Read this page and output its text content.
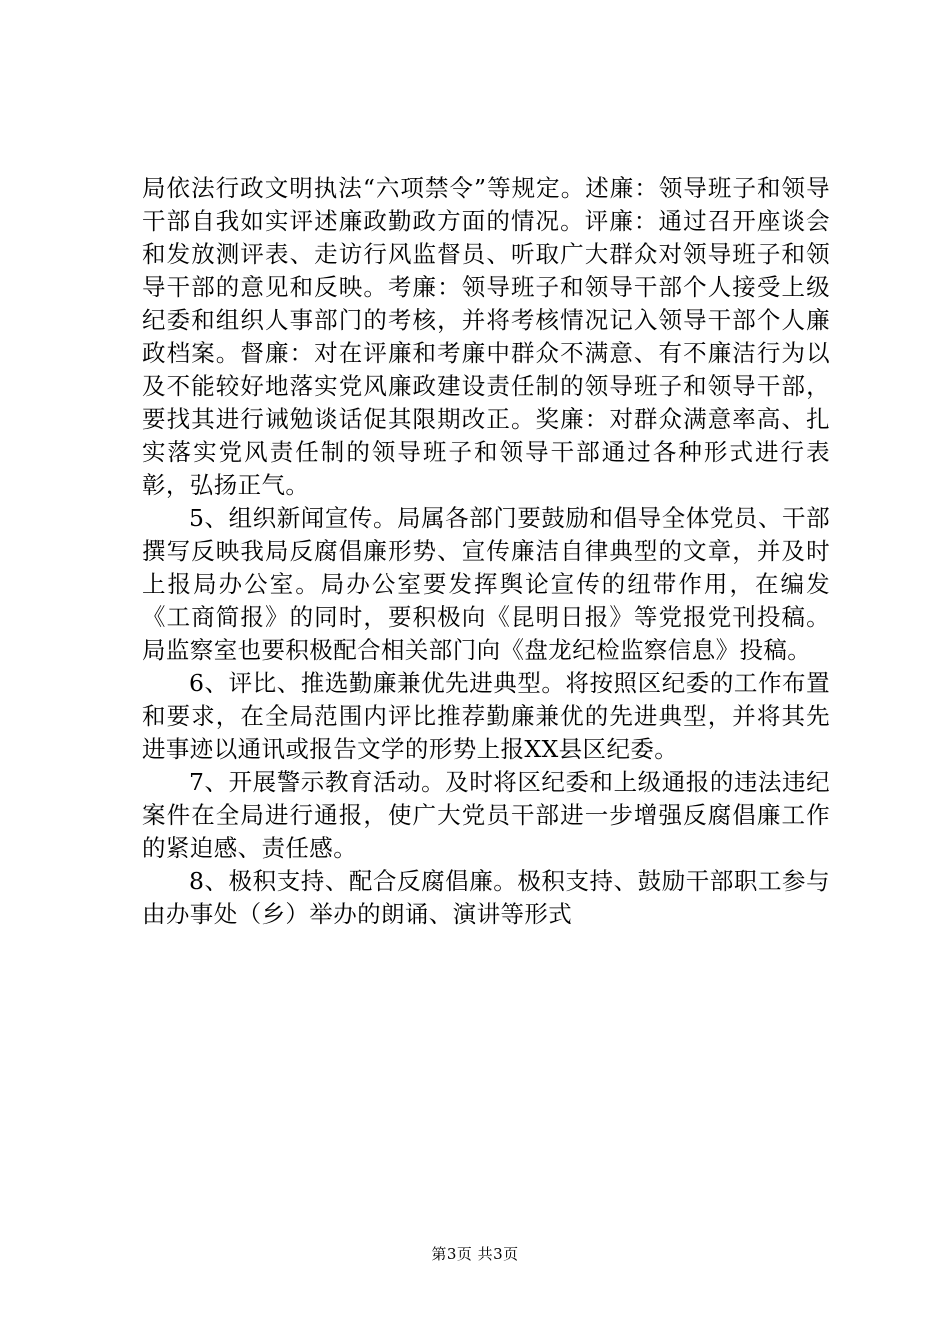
局依法行政文明执法“六项禁令”等规定。述廉：领导班子和领导干部自我如实评述廉政勤政方面的情况。评廉：通过召开座谈会和发放测评表、走访行风监督员、听取广大群众对领导班子和领导干部的意见和反映。考廉：领导班子和领导干部个人接受上级纪委和组织人事部门的考核，并将考核情况记入领导干部个人廉政档案。督廉：对在评廉和考廉中群众不满意、有不廉洁行为以及不能较好地落实党风廉政建设责任制的领导班子和领导干部，要找其进行诫勉谈话促其限期改正。奖廉：对群众满意率高、扎实落实党风责任制的领导班子和领导干部通过各种形式进行表彰，弘扬正气。

5、组织新闻宣传。局属各部门要鼓励和倡导全体党员、干部撰写反映我局反腐倡廉形势、宣传廉洁自律典型的文章，并及时上报局办公室。局办公室要发挥舆论宣传的纽带作用，在编发《工商简报》的同时，要积极向《昆明日报》等党报党刊投稿。局监察室也要积极配合相关部门向《盘龙纪检监察信息》投稿。

6、评比、推选勤廉兼优先进典型。将按照区纪委的工作布置和要求，在全局范围内评比推荐勤廉兼优的先进典型，并将其先进事迹以通讯或报告文学的形势上报XX县区纪委。

7、开展警示教育活动。及时将区纪委和上级通报的违法违纪案件在全局进行通报，使广大党员干部进一步增强反腐倡廉工作的紧迫感、责任感。

8、极积支持、配合反腐倡廉。极积支持、鼓励干部职工参与由办事处（乡）举办的朗诵、演讲等形式

第3页 共3页
